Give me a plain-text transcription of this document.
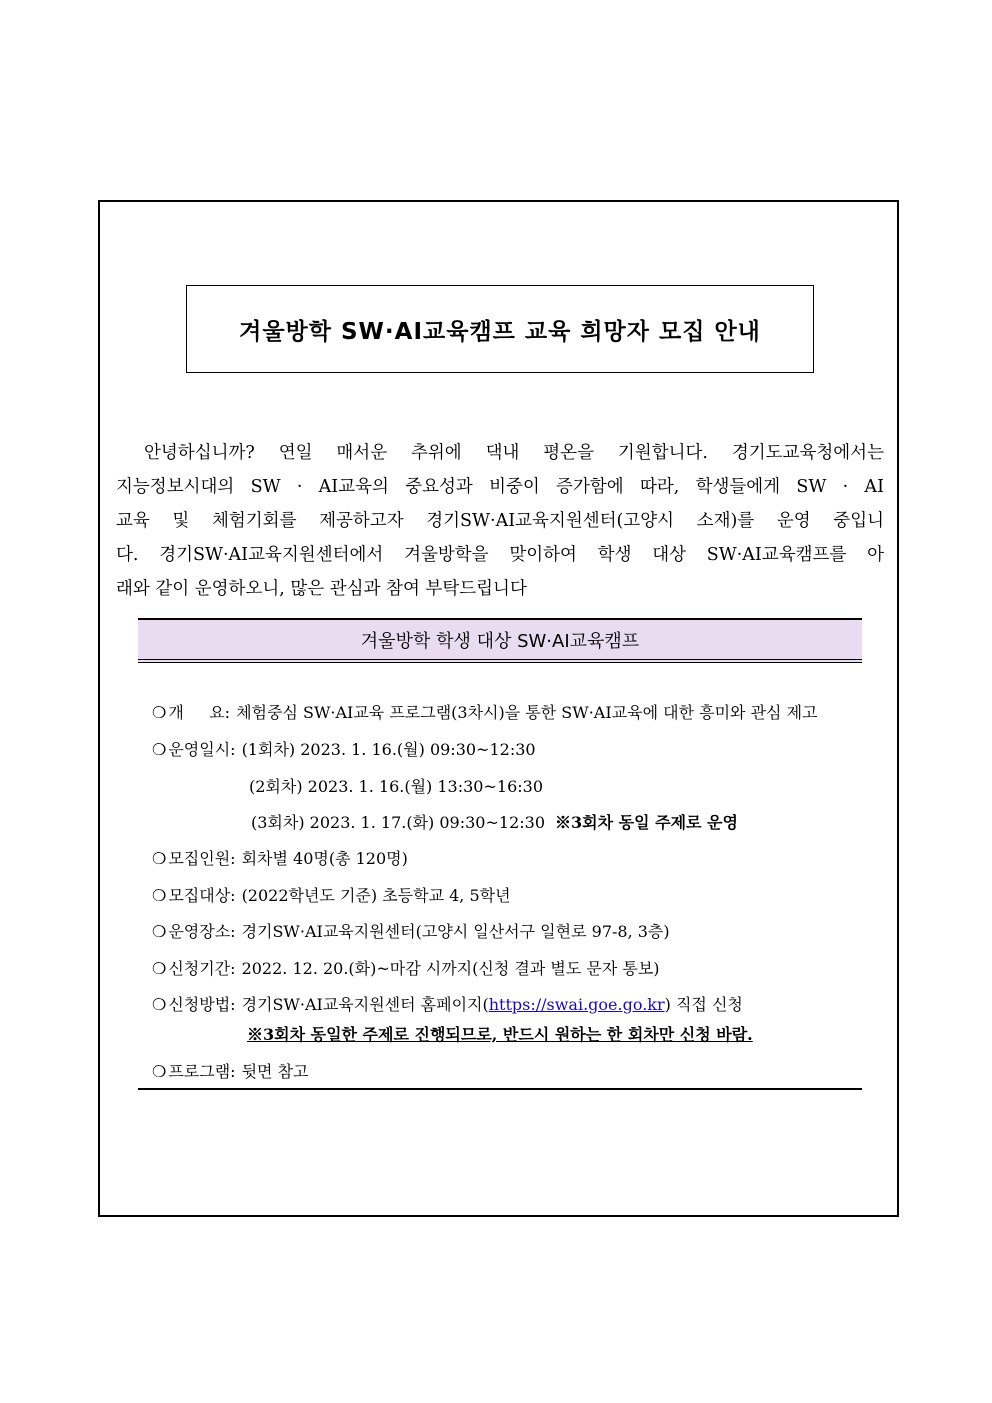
겨울방학 SW·AI교육캠프 교육 희망자 모집 안내
안녕하십니까? 연일 매서운 추위에 댁내 평온을 기원합니다. 경기도교육청에서는
지능정보시대의 SW · AI교육의 중요성과 비중이 증가함에 따라, 학생들에게 SW · AI
교육 및 체험기회를 제공하고자 경기SW·AI교육지원센터(고양시 소재)를 운영 중입니
다. 경기SW·AI교육지원센터에서 겨울방학을 맞이하여 학생 대상 SW·AI교육캠프를 아
래와 같이 운영하오니, 많은 관심과 참여 부탁드립니다
겨울방학 학생 대상 SW·AI교육캠프
❍ 개     요: 체험중심 SW·AI교육 프로그램(3차시)을 통한 SW·AI교육에 대한 흥미와 관심 제고
❍ 운영일시: (1회차) 2023. 1. 16.(월) 09:30~12:30
(2회차) 2023. 1. 16.(월) 13:30~16:30
(3회차) 2023. 1. 17.(화) 09:30~12:30 ※3회차 동일 주제로 운영
❍ 모집인원: 회차별 40명(총 120명)
❍ 모집대상: (2022학년도 기준) 초등학교 4, 5학년
❍ 운영장소: 경기SW·AI교육지원센터(고양시 일산서구 일현로 97-8, 3층)
❍ 신청기간: 2022. 12. 20.(화)~마감 시까지(신청 결과 별도 문자 통보)
❍ 신청방법: 경기SW·AI교육지원센터 홈페이지(https://swai.goe.go.kr) 직접 신청
※3회차 동일한 주제로 진행되므로, 반드시 원하는 한 회차만 신청 바람.
❍ 프로그램: 뒷면 참고
